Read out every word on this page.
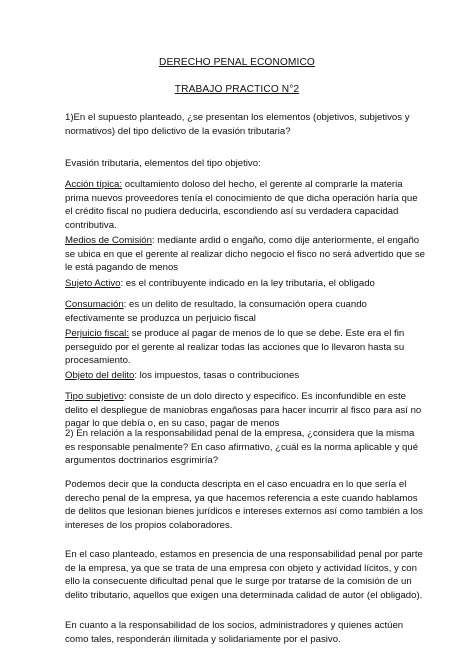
DERECHO PENAL ECONOMICO
TRABAJO PRACTICO N°2

1)En el supuesto planteado, ¿se presentan los elementos (objetivos, subjetivos y normativos) del tipo delictivo de la evasión tributaria?

Evasión tributaria, elementos del tipo objetivo:

Acción típica: ocultamiento doloso del hecho, el gerente al comprarle la materia prima nuevos proveedores tenía el conocimiento de que dicha operación haría que el crédito fiscal no pudiera deducirla, escondiendo así su verdadera capacidad contributiva.

Medios de Comisión: mediante ardid o engaño, como dije anteriormente, el engaño se ubica en que el gerente al realizar dicho negocio el fisco no será advertido que se le está pagando de menos

Sujeto Activo: es el contribuyente indicado en la ley tributaria, el obligado

Consumación: es un delito de resultado, la consumación opera cuando efectivamente se produzca un perjuicio fiscal

Perjuicio fiscal: se produce al pagar de menos de lo que se debe. Este era el fin perseguido por el gerente al realizar todas las acciones que lo llevaron hasta su procesamiento.

Objeto del delito: los impuestos, tasas o contribuciones

Tipo subjetivo: consiste de un dolo directo y especifico. Es inconfundible en este delito el despliegue de maniobras engañosas para hacer incurrir al fisco para así no pagar lo que debía o, en su caso, pagar de menos

2) En relación a la responsabilidad penal de la empresa, ¿considera que la misma es responsable penalmente? En caso afirmativo, ¿cuál es la norma aplicable y qué argumentos doctrinarios esgrimiría?

Podemos decir que la conducta descripta en el caso encuadra en lo que sería el derecho penal de la empresa, ya que hacemos referencia a este cuando hablamos de delitos que lesionan bienes jurídicos e intereses externos así como también a los intereses de los propios colaboradores.

En el caso planteado, estamos en presencia de una responsabilidad penal por parte de la empresa, ya que se trata de una empresa con objeto y actividad lícitos, y con ello la consecuente dificultad penal que le surge por tratarse de la comisión de un delito tributario, aquellos que exigen una determinada calidad de autor (el obligado).

En cuanto a la responsabilidad de los socios, administradores y quienes actúen como tales, responderán ilimitada y solidariamente por el pasivo.
